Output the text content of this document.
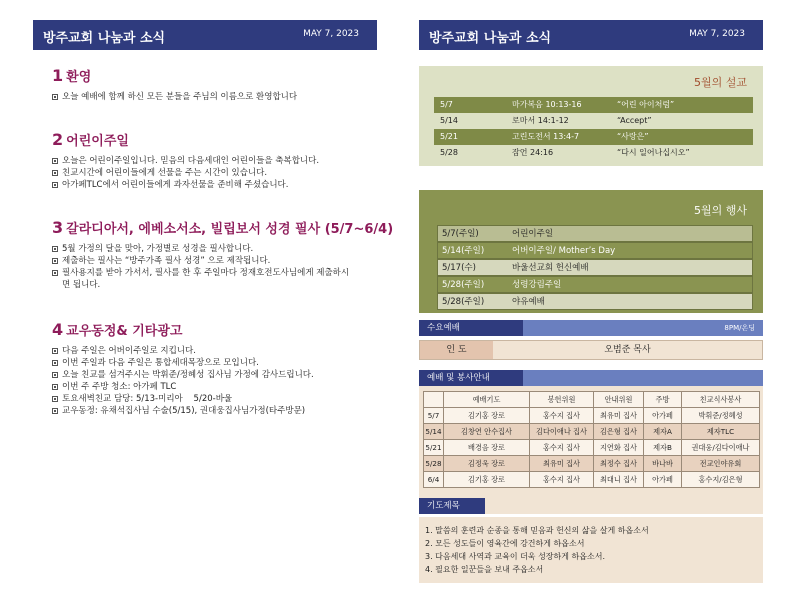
방주교회 나눔과 소식	MAY 7, 2023
1 환영
오늘 예배에 함께 하신 모든 분들을 주님의 이름으로 환영합니다
2 어린이주일
오늘은 어린이주일입니다. 믿음의 다음세대인 어린이들을 축복합니다.
친교시간에 어린이들에게 선물을 주는 시간이 있습니다.
아가페TLC에서 어린이들에게 과자선물을 준비해 주셨습니다.
3 갈라디아서, 에베소서소, 빌립보서 성경 필사 (5/7~6/4)
5월 가정의 달을 맞아, 가정별로 성경을 필사합니다.
제출하는 필사는 “방주가족 필사 성경” 으로 제작됩니다.
필사용지를 받아 가서서, 필사를 한 후 주일마다 정재호전도사님에게 제출하시면 됩니다.
4 교우동정& 기타광고
다음 주일은 어버이주일로 지킵니다.
이번 주일과 다음 주일은 통합세대목장으로 모입니다.
오늘 친교를 섬겨주시는 박휘준/정혜성 집사님 가정에 감사드립니다.
이번 주 주방 청소: 아가페 TLC
토요새벽친교 담당: 5/13-미리아    5/20-바울
교우동정: 유채석집사님 수술(5/15), 권대웅집사님가정(타주방문)
방주교회 나눔과 소식	MAY 7, 2023
5월의 설교
5/7	마가복음 10:13-16	“어린 아이처럼”
5/14	로마서 14:1-12	“Accept”
5/21	고린도전서 13:4-7	“사랑은”
5/28	잠언 24:16	“다시 일어나십시오”
5월의 행사
5/7(주일)	어린이주일
5/14(주일)	어버이주일/ Mother’s Day
5/17(수)	바울선교회 헌신예배
5/28(주일)	성령강림주일
5/28(주일)	야유예배
수요예배	8PM/온딩
인 도	오범준 목사
예배 및 봉사안내
	예배기도	봉헌위원	안내위원	주방	친교식사봉사
5/7	김기홍 장로	홍수지 집사	최유미 집사	아가페	박휘준/정혜성
5/14	김창연 안수집사	김다이애나 집사	김은형 집사	제자A	제자TLC
5/21	배경음 장로	홍수지 집사	지연화 집사	제자B	권대웅/김다이애나
5/28	김정욱 장로	최유미 집사	최정수 집사	바나바	전교인야유회
6/4	김기홍 장로	홍수지 집사	최대니 집사	아가페	홍수지/김은형
기도제목
1. 말씀의 훈련과 순종을 통해 믿음과 헌신의 삶을 살게 하옵소서
2. 모든 성도들이 영육간에 강건하게 하옵소서
3. 다음세대 사역과 교육이 더욱 성장하게 하옵소서.
4. 필요한 일꾼들을 보내 주옵소서
